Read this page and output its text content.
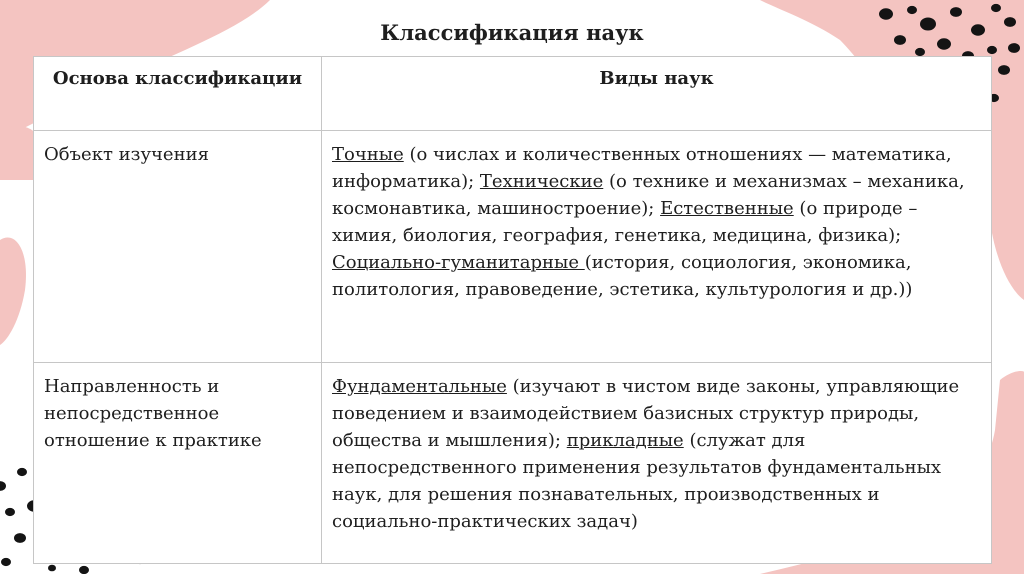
Классификация наук
Основа классификации	Виды наук
Объект изучения	Точные (о числах и количественных отношениях — математика, информатика); Технические (о технике и механизмах – механика, космонавтика, машиностроение); Естественные (о природе – химия, биология, география, генетика, медицина, физика); Социально-гуманитарные (история, социология, экономика, политология, правоведение, эстетика, культурология и др.))
Направленность и непосредственное отношение к практике	Фундаментальные (изучают в чистом виде законы, управляющие поведением и взаимодействием базисных структур природы, общества и мышления); прикладные (служат для непосредственного применения результатов фундаментальных наук, для решения познавательных, производственных и социально-практических задач)
